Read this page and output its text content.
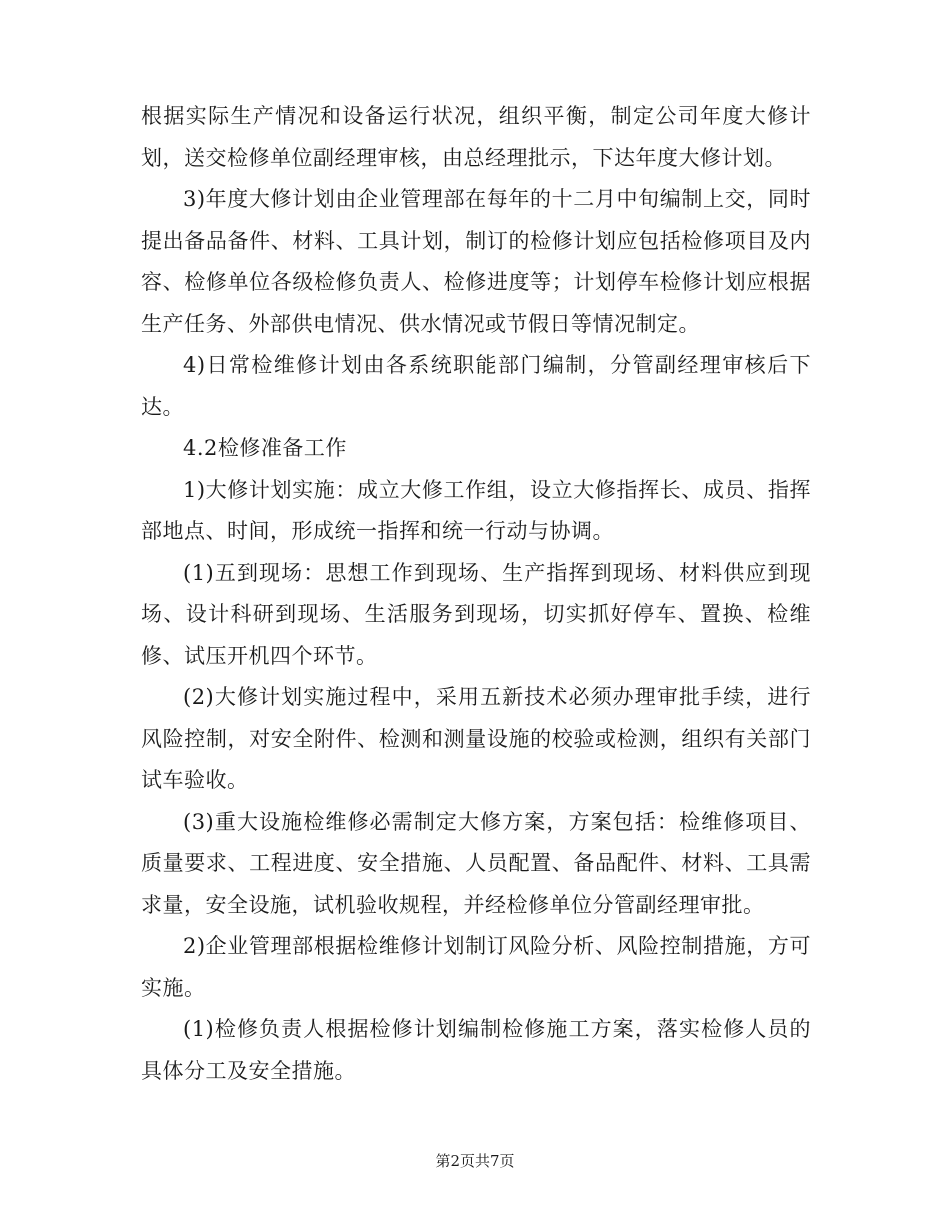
根据实际生产情况和设备运行状况，组织平衡，制定公司年度大修计划，送交检修单位副经理审核，由总经理批示，下达年度大修计划。

3)年度大修计划由企业管理部在每年的十二月中旬编制上交，同时提出备品备件、材料、工具计划，制订的检修计划应包括检修项目及内容、检修单位各级检修负责人、检修进度等；计划停车检修计划应根据生产任务、外部供电情况、供水情况或节假日等情况制定。

4)日常检维修计划由各系统职能部门编制，分管副经理审核后下达。

4.2检修准备工作

1)大修计划实施：成立大修工作组，设立大修指挥长、成员、指挥部地点、时间，形成统一指挥和统一行动与协调。

(1)五到现场：思想工作到现场、生产指挥到现场、材料供应到现场、设计科研到现场、生活服务到现场，切实抓好停车、置换、检维修、试压开机四个环节。

(2)大修计划实施过程中，采用五新技术必须办理审批手续，进行风险控制，对安全附件、检测和测量设施的校验或检测，组织有关部门试车验收。

(3)重大设施检维修必需制定大修方案，方案包括：检维修项目、质量要求、工程进度、安全措施、人员配置、备品配件、材料、工具需求量，安全设施，试机验收规程，并经检修单位分管副经理审批。

2)企业管理部根据检维修计划制订风险分析、风险控制措施，方可实施。

(1)检修负责人根据检修计划编制检修施工方案，落实检修人员的具体分工及安全措施。

第2页共7页
